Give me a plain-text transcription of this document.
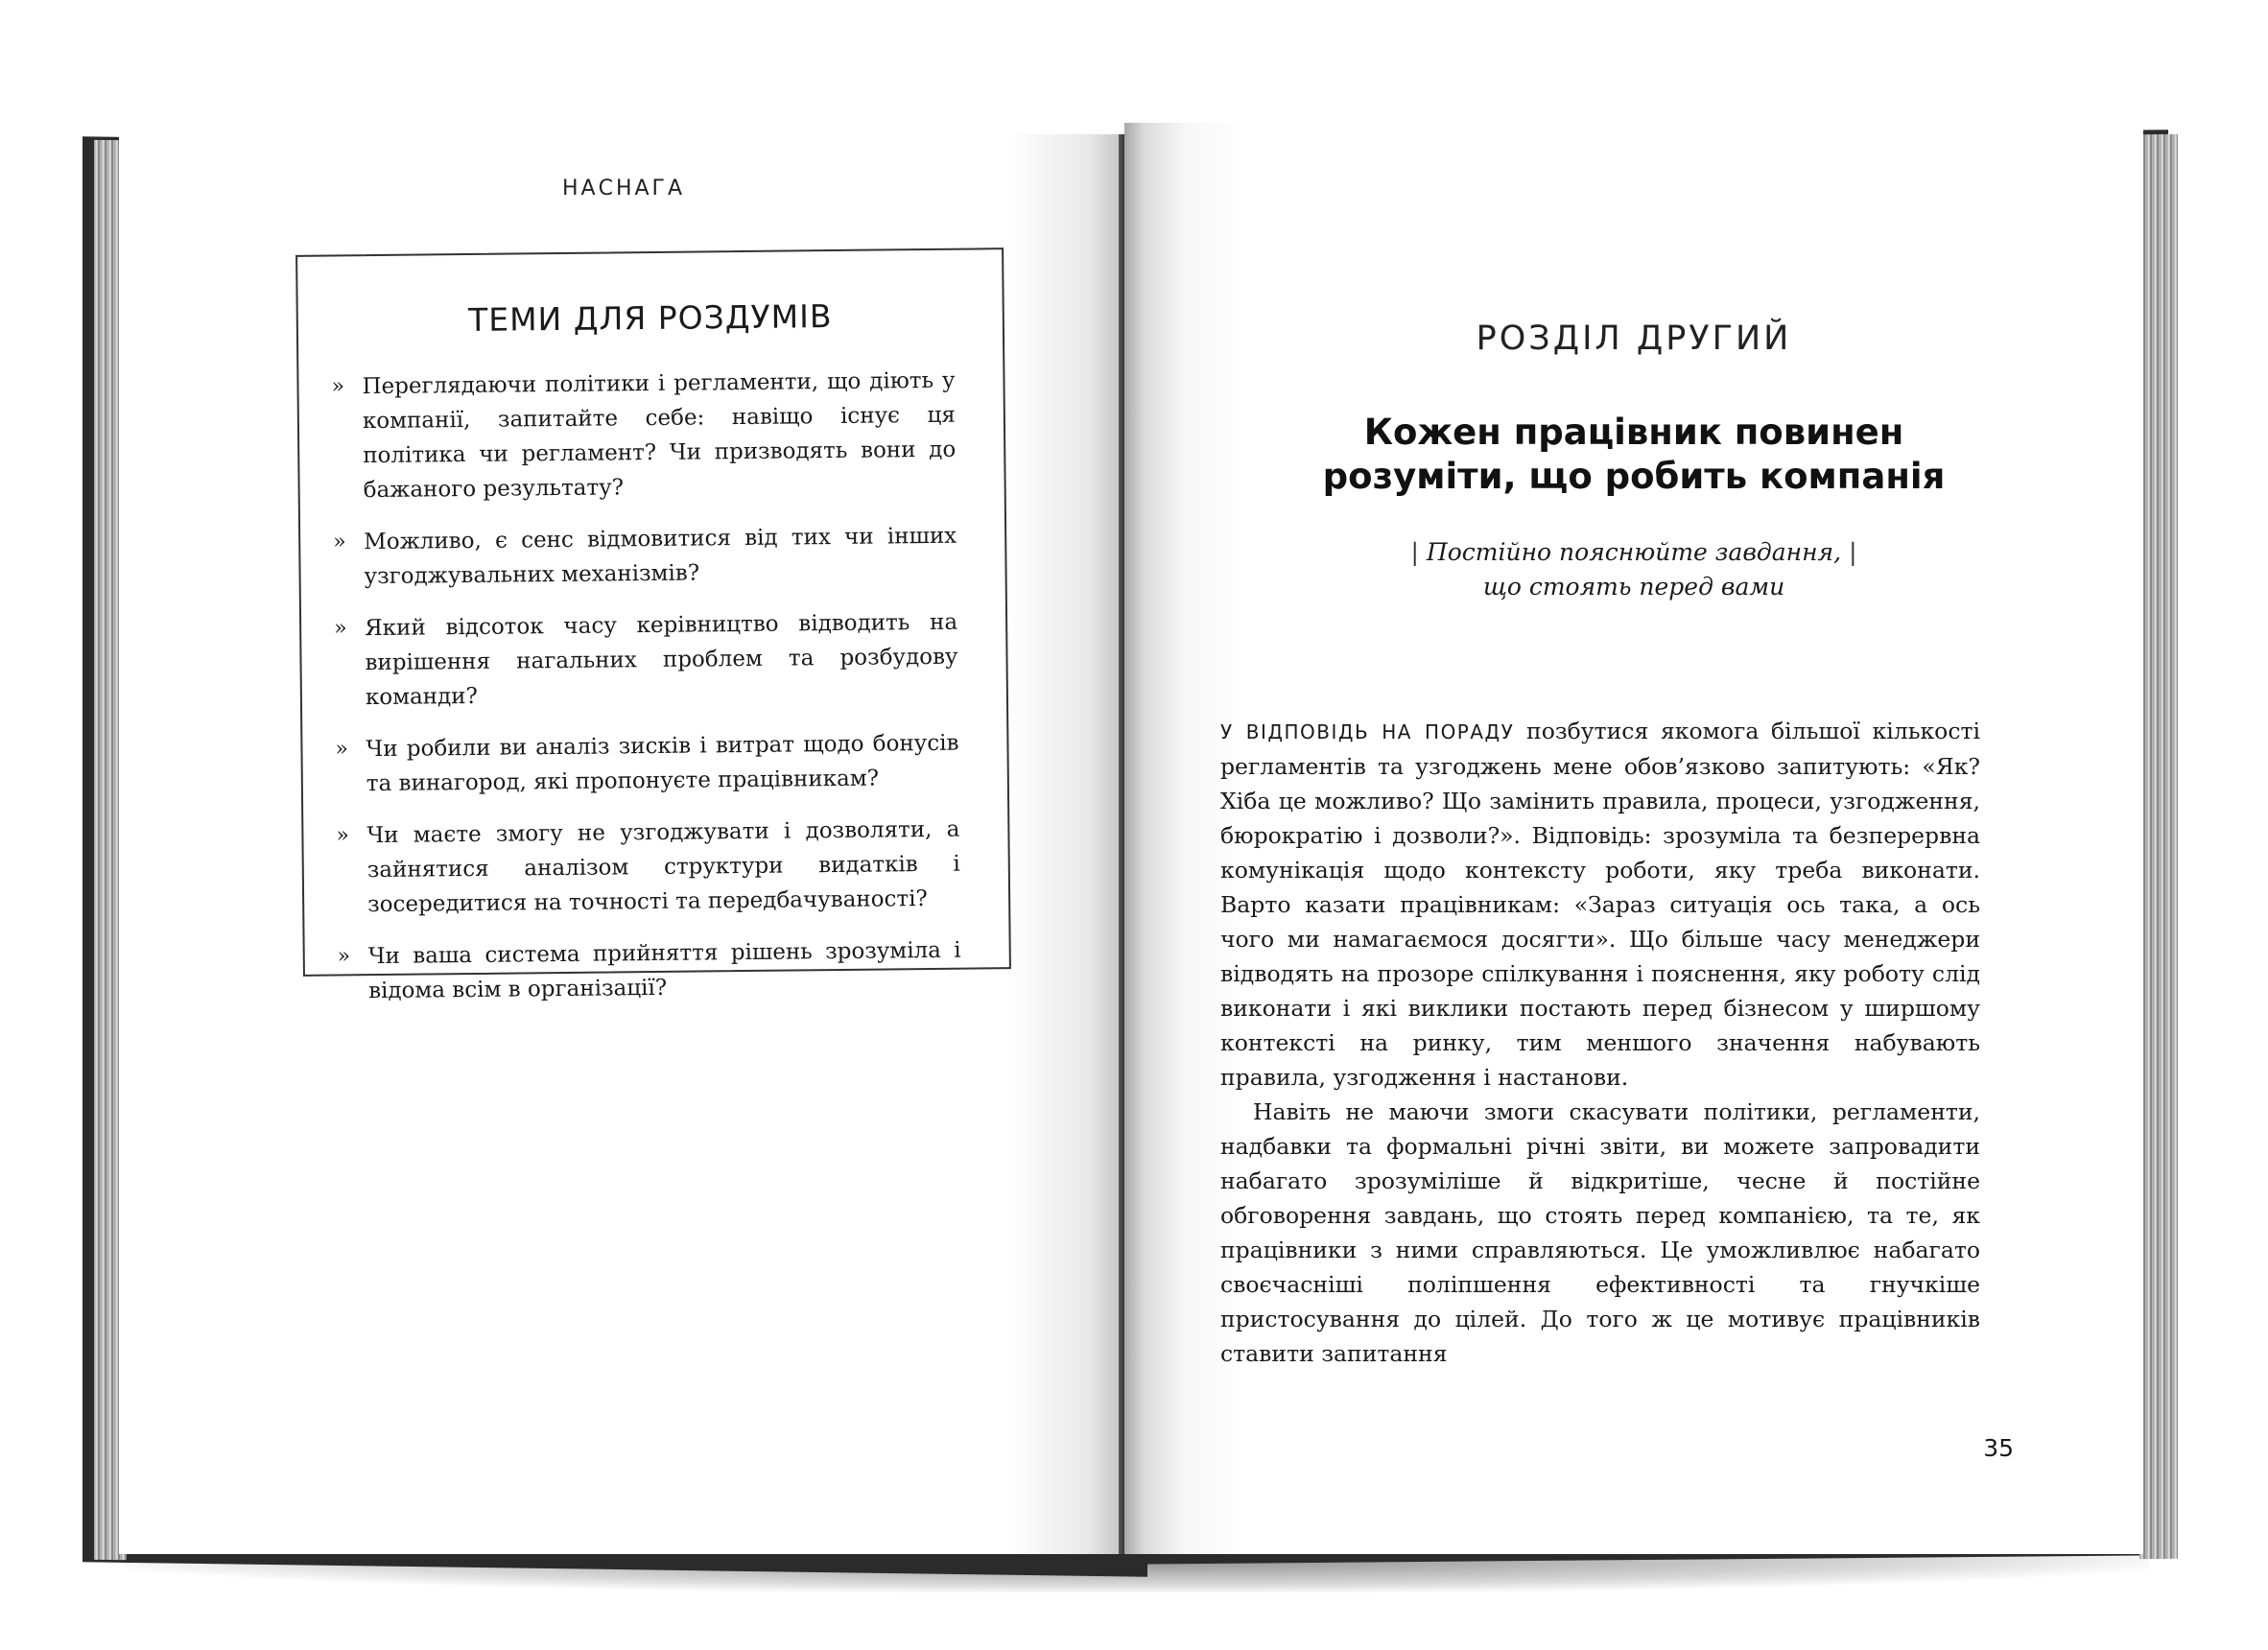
НАСНАГА
ТЕМИ ДЛЯ РОЗДУМІВ
» Переглядаючи політики і регламенти, що діють у компанії, запитайте себе: навіщо існує ця політика чи регламент? Чи призводять вони до бажаного результату?
» Можливо, є сенс відмовитися від тих чи інших узгоджувальних механізмів?
» Який відсоток часу керівництво відводить на вирішення нагальних проблем та розбудову команди?
» Чи робили ви аналіз зисків і витрат щодо бонусів та винагород, які пропонуєте працівникам?
» Чи маєте змогу не узгоджувати і дозволяти, а зайнятися аналізом структури видатків і зосередитися на точності та передбачуваності?
» Чи ваша система прийняття рішень зрозуміла і відома всім в організації?
РОЗДІЛ ДРУГИЙ
Кожен працівник повинен
розуміти, що робить компанія
| Постійно пояснюйте завдання, |
що стоять перед вами

У ВІДПОВІДЬ НА ПОРАДУ позбутися якомога більшої кількості регламентів та узгоджень мене обов’язково запитують: «Як? Хіба це можливо? Що замінить правила, процеси, узгодження, бюрократію і дозволи?». Відповідь: зрозуміла та безперервна комунікація щодо контексту роботи, яку треба виконати. Варто казати працівникам: «Зараз ситуація ось така, а ось чого ми намагаємося досягти». Що більше часу менеджери відводять на прозоре спілкування і пояснення, яку роботу слід виконати і які виклики постають перед бізнесом у ширшому контексті на ринку, тим меншого значення набувають правила, узгодження і настанови.

Навіть не маючи змоги скасувати політики, регламенти, надбавки та формальні річні звіти, ви можете запровадити набагато зрозуміліше й відкритіше, чесне й постійне обговорення завдань, що стоять перед компанією, та те, як працівники з ними справляються. Це уможливлює набагато своєчасніші поліпшення ефективності та гнучкіше пристосування до цілей. До того ж це мотивує працівників ставити запитання

35
